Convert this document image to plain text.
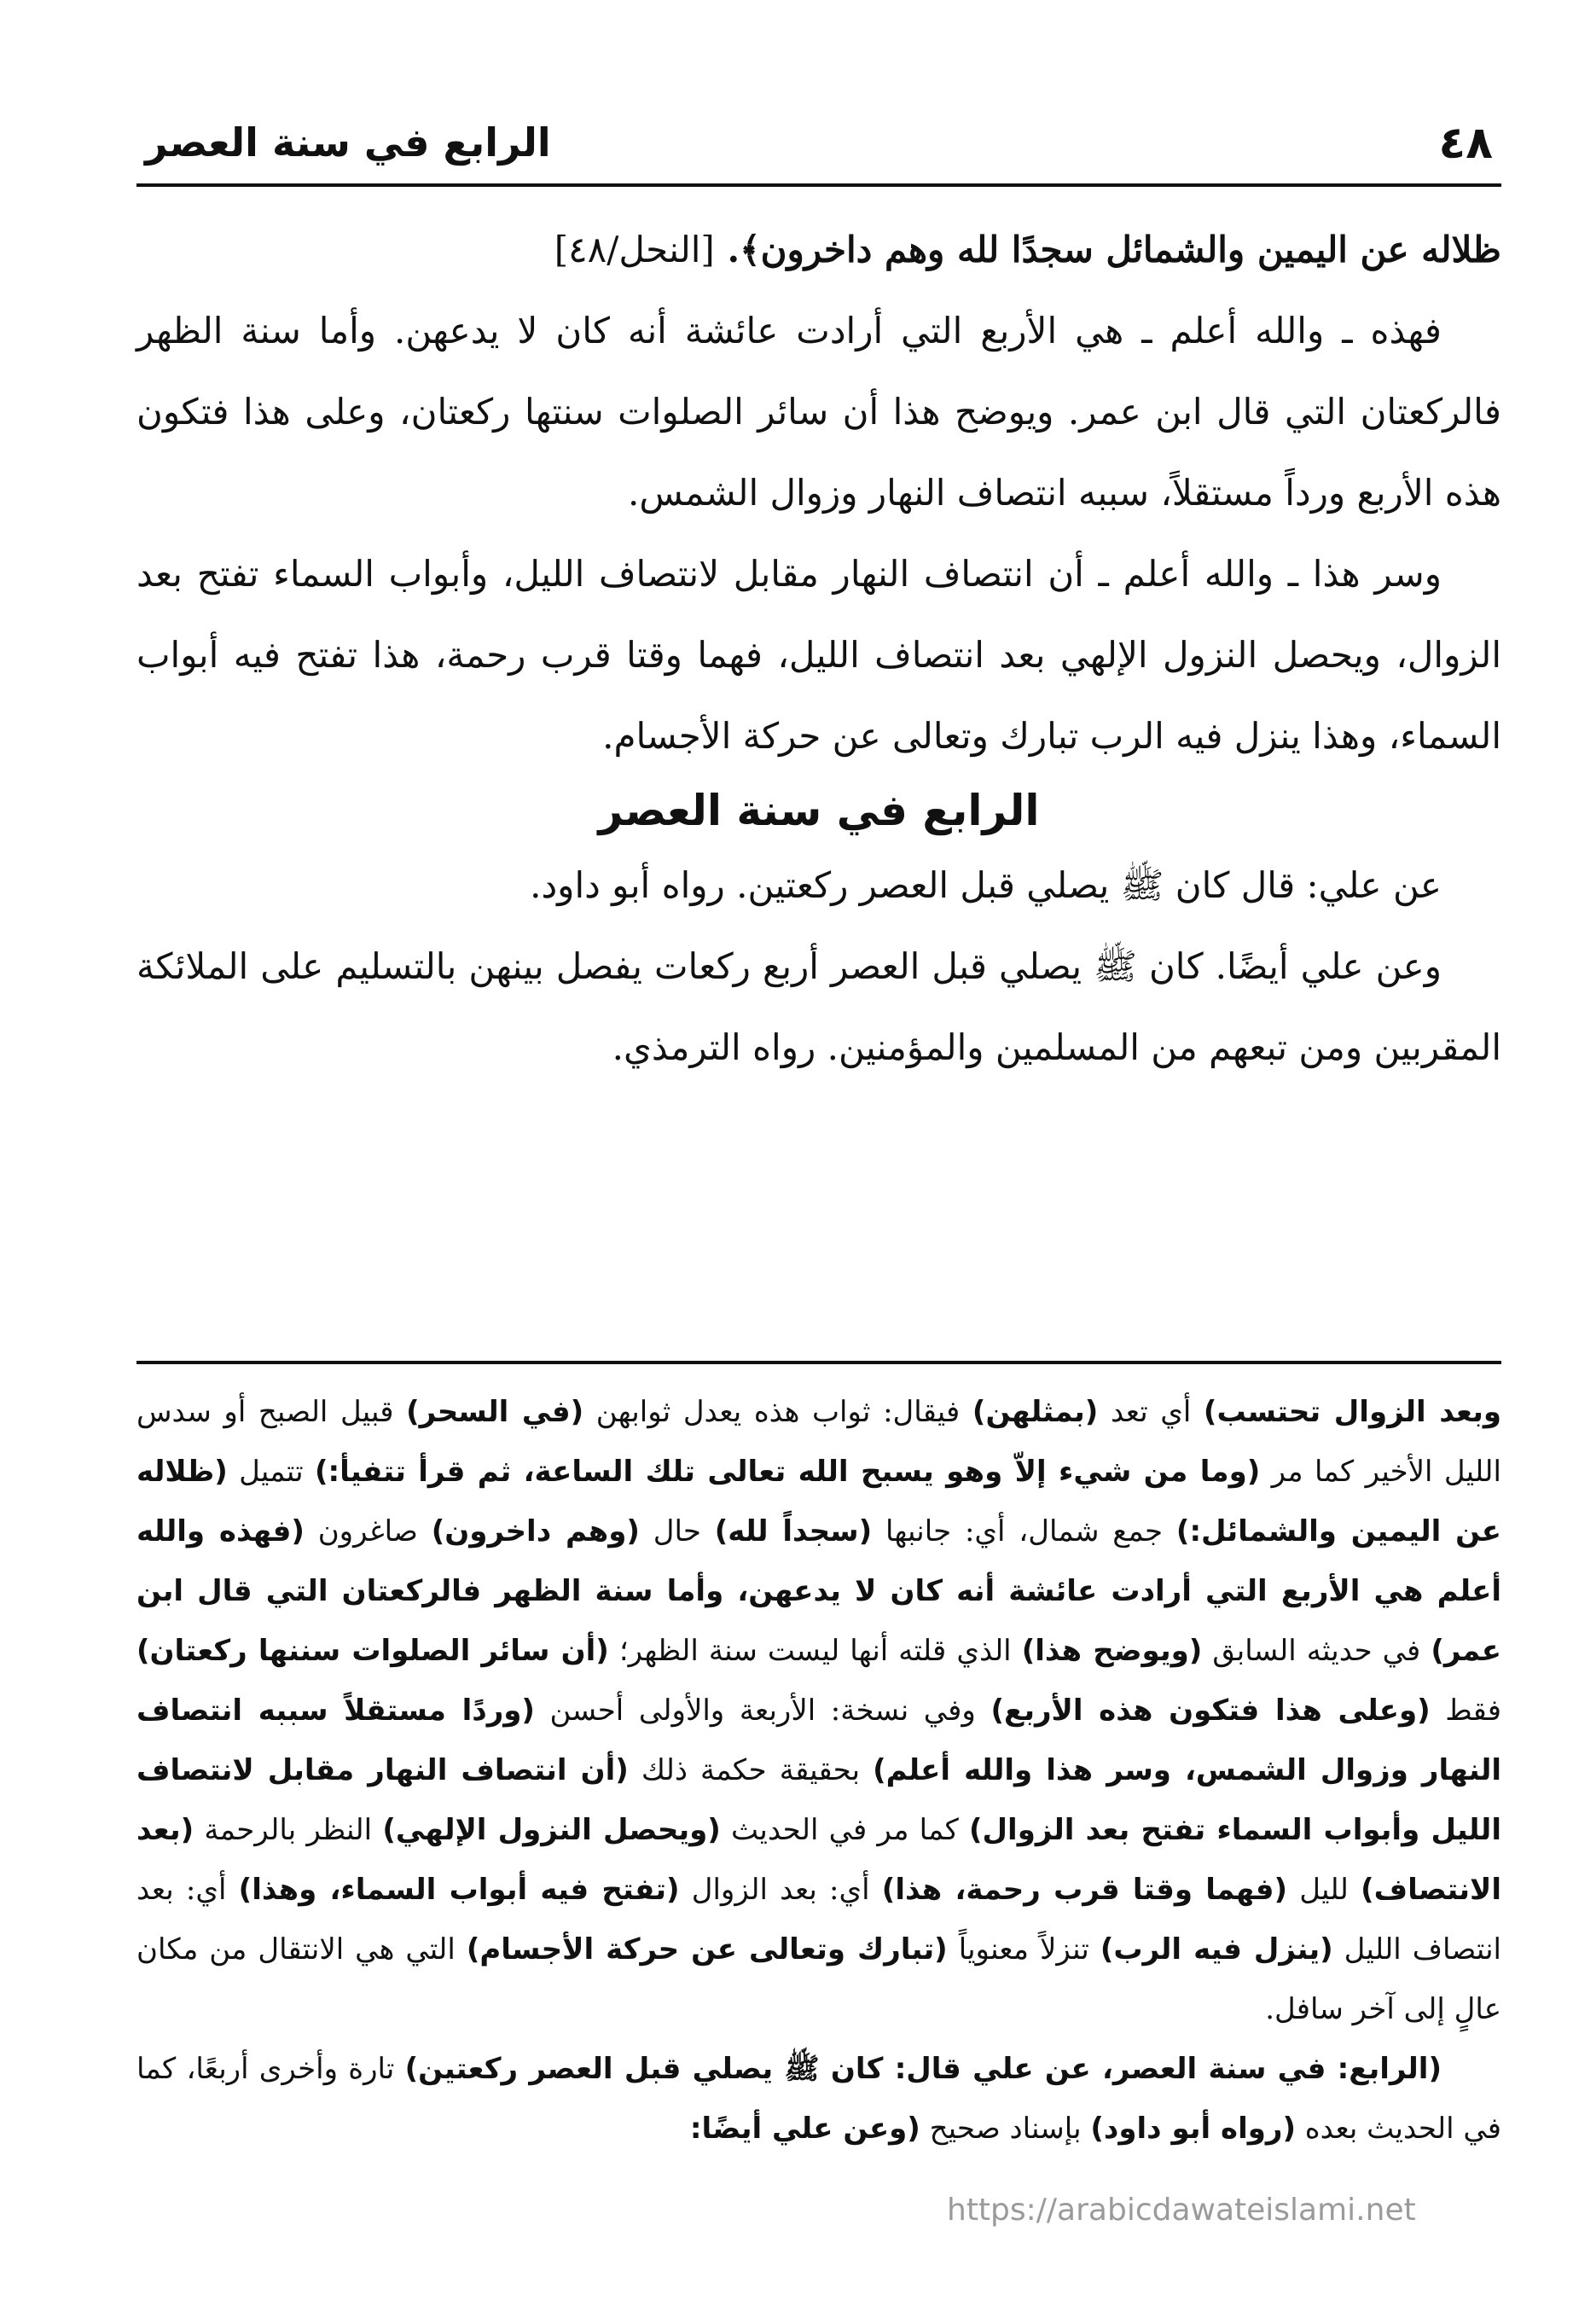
٤٨
الرابع في سنة العصر

ظلاله عن اليمين والشمائل سجدًا لله وهم داخرون﴾. [النحل/٤٨]

فهذه ـ والله أعلم ـ هي الأربع التي أرادت عائشة أنه كان لا يدعهن. وأما سنة الظهر فالركعتان التي قال ابن عمر. ويوضح هذا أن سائر الصلوات سنتها ركعتان، وعلى هذا فتكون هذه الأربع ورداً مستقلاً، سببه انتصاف النهار وزوال الشمس.

وسر هذا ـ والله أعلم ـ أن انتصاف النهار مقابل لانتصاف الليل، وأبواب السماء تفتح بعد الزوال، ويحصل النزول الإلهي بعد انتصاف الليل، فهما وقتا قرب رحمة، هذا تفتح فيه أبواب السماء، وهذا ينزل فيه الرب تبارك وتعالى عن حركة الأجسام.

الرابع في سنة العصر

عن علي: قال كان ﷺ يصلي قبل العصر ركعتين. رواه أبو داود.

وعن علي أيضًا. كان ﷺ يصلي قبل العصر أربع ركعات يفصل بينهن بالتسليم على الملائكة المقربين ومن تبعهم من المسلمين والمؤمنين. رواه الترمذي.

وبعد الزوال تحتسب) أي تعد (بمثلهن) فيقال: ثواب هذه يعدل ثوابهن (في السحر) قبيل الصبح أو سدس الليل الأخير كما مر (وما من شيء إلاّ وهو يسبح الله تعالى تلك الساعة، ثم قرأ تتفيأ:) تتميل (ظلاله عن اليمين والشمائل:) جمع شمال، أي: جانبها (سجداً لله) حال (وهم داخرون) صاغرون (فهذه والله أعلم هي الأربع التي أرادت عائشة أنه كان لا يدعهن، وأما سنة الظهر فالركعتان التي قال ابن عمر) في حديثه السابق (ويوضح هذا) الذي قلته أنها ليست سنة الظهر؛ (أن سائر الصلوات سننها ركعتان) فقط (وعلى هذا فتكون هذه الأربع) وفي نسخة: الأربعة والأولى أحسن (وردًا مستقلاً سببه انتصاف النهار وزوال الشمس، وسر هذا والله أعلم) بحقيقة حكمة ذلك (أن انتصاف النهار مقابل لانتصاف الليل وأبواب السماء تفتح بعد الزوال) كما مر في الحديث (ويحصل النزول الإلهي) النظر بالرحمة (بعد الانتصاف) لليل (فهما وقتا قرب رحمة، هذا) أي: بعد الزوال (تفتح فيه أبواب السماء، وهذا) أي: بعد انتصاف الليل (ينزل فيه الرب) تنزلاً معنوياً (تبارك وتعالى عن حركة الأجسام) التي هي الانتقال من مكان عالٍ إلى آخر سافل.

(الرابع: في سنة العصر، عن علي قال: كان ﷺ يصلي قبل العصر ركعتين) تارة وأخرى أربعًا، كما في الحديث بعده (رواه أبو داود) بإسناد صحيح (وعن علي أيضًا:

https://arabicdawateislami.net
